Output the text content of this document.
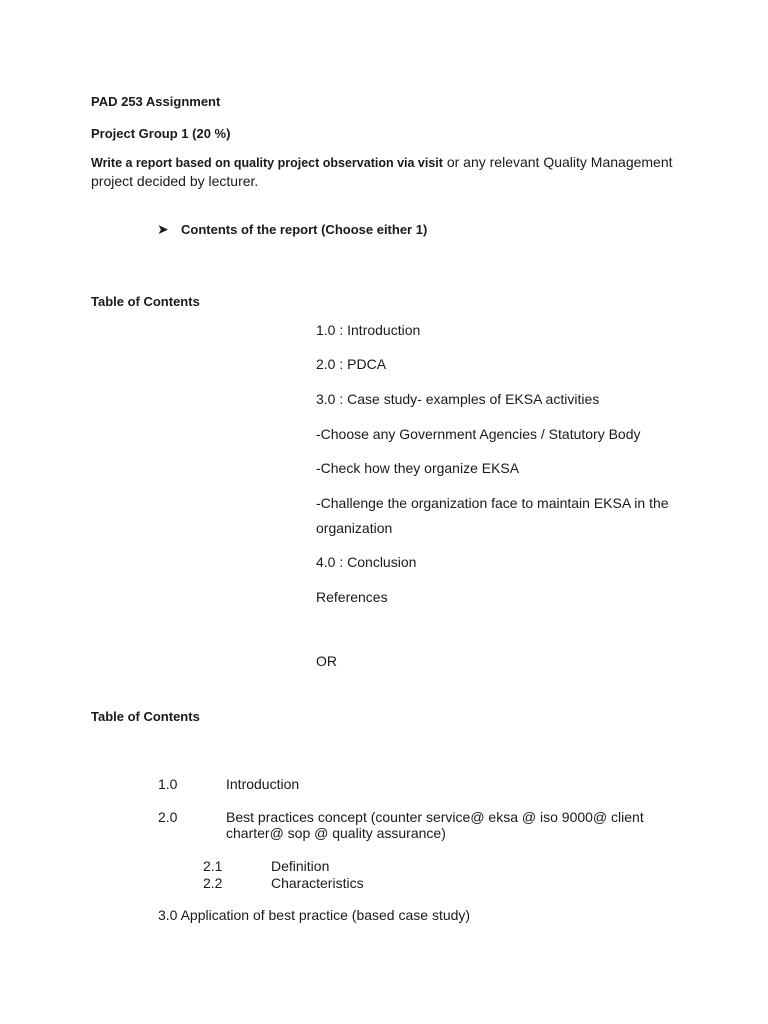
PAD 253 Assignment
Project Group 1 (20 %)
Write a report based on quality project observation via visit or any relevant Quality Management
project decided by lecturer.
➤ Contents of the report (Choose either 1)
Table of Contents
1.0 : Introduction
2.0 : PDCA
3.0 : Case study- examples of EKSA activities
-Choose any Government Agencies / Statutory Body
-Check how they organize EKSA
-Challenge the organization face to maintain EKSA in the
organization
4.0 : Conclusion
References
OR
Table of Contents
1.0	Introduction
2.0	Best practices concept (counter service@ eksa @ iso 9000@ client
charter@ sop @ quality assurance)
2.1	Definition
2.2	Characteristics
3.0 Application of best practice (based case study)
